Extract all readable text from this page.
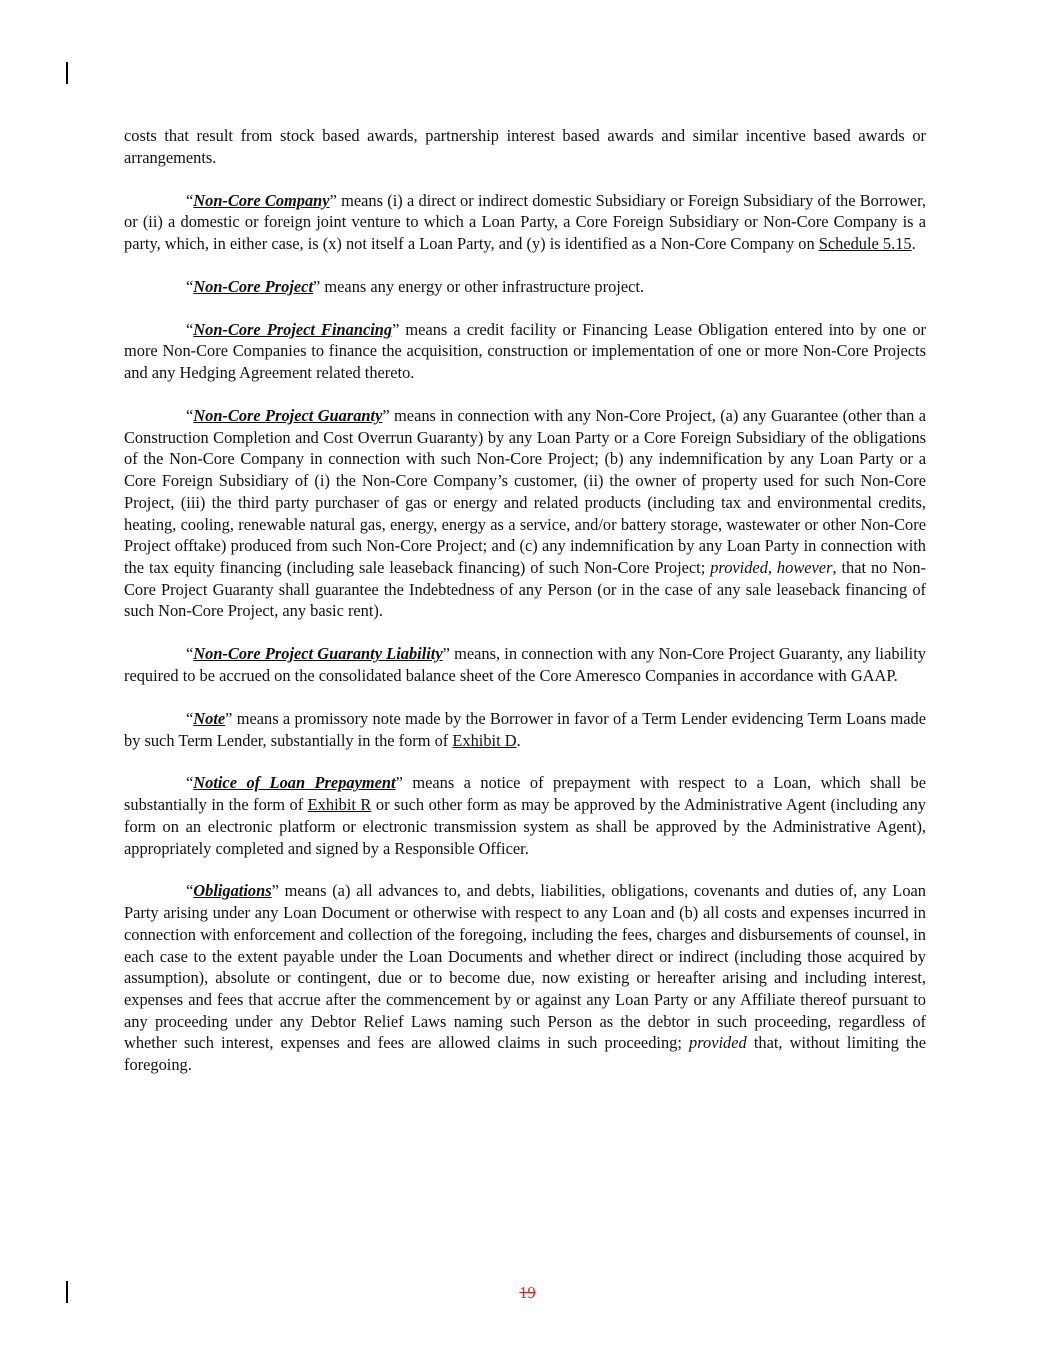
costs that result from stock based awards, partnership interest based awards and similar incentive based awards or arrangements.

“Non-Core Company” means (i) a direct or indirect domestic Subsidiary or Foreign Subsidiary of the Borrower, or (ii) a domestic or foreign joint venture to which a Loan Party, a Core Foreign Subsidiary or Non-Core Company is a party, which, in either case, is (x) not itself a Loan Party, and (y) is identified as a Non-Core Company on Schedule 5.15.

“Non-Core Project” means any energy or other infrastructure project.

“Non-Core Project Financing” means a credit facility or Financing Lease Obligation entered into by one or more Non-Core Companies to finance the acquisition, construction or implementation of one or more Non-Core Projects and any Hedging Agreement related thereto.

“Non-Core Project Guaranty” means in connection with any Non-Core Project, (a) any Guarantee (other than a Construction Completion and Cost Overrun Guaranty) by any Loan Party or a Core Foreign Subsidiary of the obligations of the Non-Core Company in connection with such Non-Core Project; (b) any indemnification by any Loan Party or a Core Foreign Subsidiary of (i) the Non-Core Company’s customer, (ii) the owner of property used for such Non-Core Project, (iii) the third party purchaser of gas or energy and related products (including tax and environmental credits, heating, cooling, renewable natural gas, energy, energy as a service, and/or battery storage, wastewater or other Non-Core Project offtake) produced from such Non-Core Project; and (c) any indemnification by any Loan Party in connection with the tax equity financing (including sale leaseback financing) of such Non-Core Project; provided, however, that no Non-Core Project Guaranty shall guarantee the Indebtedness of any Person (or in the case of any sale leaseback financing of such Non-Core Project, any basic rent).

“Non-Core Project Guaranty Liability” means, in connection with any Non-Core Project Guaranty, any liability required to be accrued on the consolidated balance sheet of the Core Ameresco Companies in accordance with GAAP.

“Note” means a promissory note made by the Borrower in favor of a Term Lender evidencing Term Loans made by such Term Lender, substantially in the form of Exhibit D.

“Notice of Loan Prepayment” means a notice of prepayment with respect to a Loan, which shall be substantially in the form of Exhibit R or such other form as may be approved by the Administrative Agent (including any form on an electronic platform or electronic transmission system as shall be approved by the Administrative Agent), appropriately completed and signed by a Responsible Officer.

“Obligations” means (a) all advances to, and debts, liabilities, obligations, covenants and duties of, any Loan Party arising under any Loan Document or otherwise with respect to any Loan and (b) all costs and expenses incurred in connection with enforcement and collection of the foregoing, including the fees, charges and disbursements of counsel, in each case to the extent payable under the Loan Documents and whether direct or indirect (including those acquired by assumption), absolute or contingent, due or to become due, now existing or hereafter arising and including interest, expenses and fees that accrue after the commencement by or against any Loan Party or any Affiliate thereof pursuant to any proceeding under any Debtor Relief Laws naming such Person as the debtor in such proceeding, regardless of whether such interest, expenses and fees are allowed claims in such proceeding; provided that, without limiting the foregoing.

19
